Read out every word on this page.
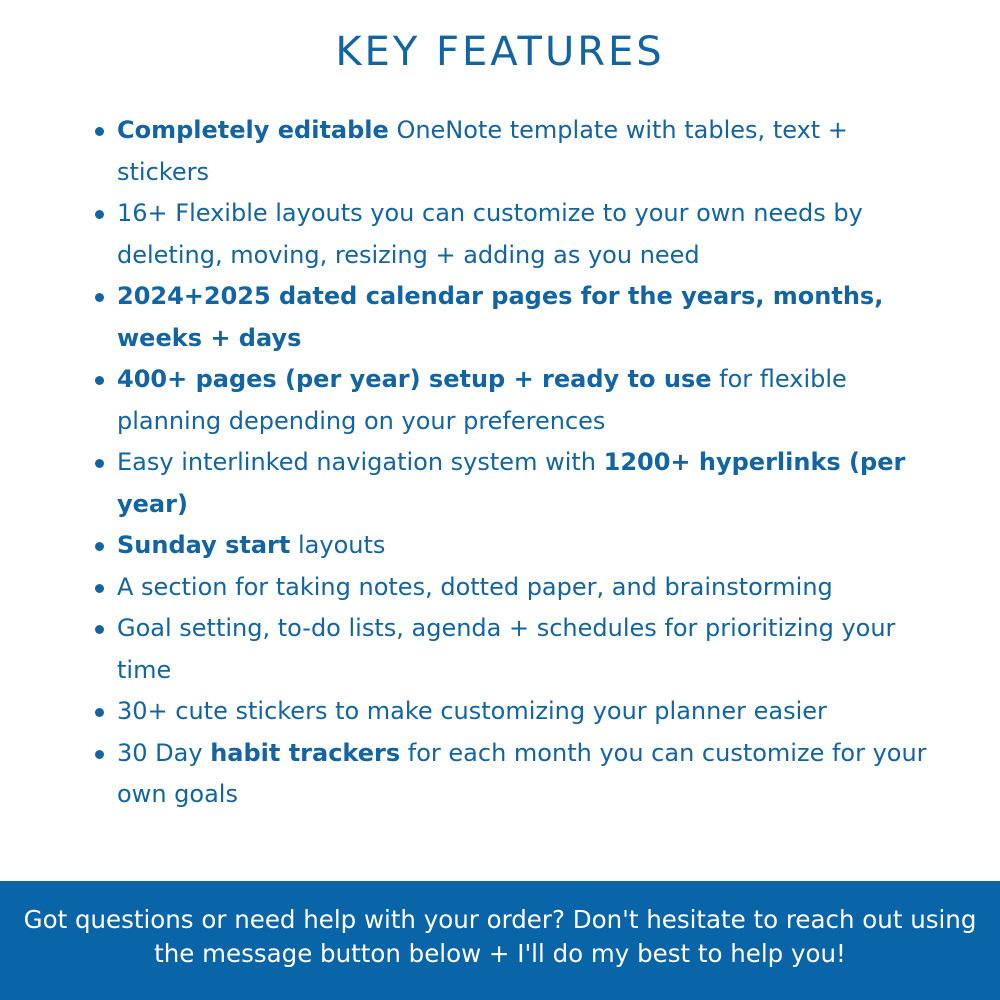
KEY FEATURES
Completely editable OneNote template with tables, text + stickers
16+ Flexible layouts you can customize to your own needs by deleting, moving, resizing + adding as you need
2024+2025 dated calendar pages for the years, months, weeks + days
400+ pages (per year) setup + ready to use for flexible planning depending on your preferences
Easy interlinked navigation system with 1200+ hyperlinks (per year)
Sunday start layouts
A section for taking notes, dotted paper, and brainstorming
Goal setting, to-do lists, agenda + schedules for prioritizing your time
30+ cute stickers to make customizing your planner easier
30 Day habit trackers for each month you can customize for your own goals

Got questions or need help with your order? Don't hesitate to reach out using the message button below + I'll do my best to help you!
